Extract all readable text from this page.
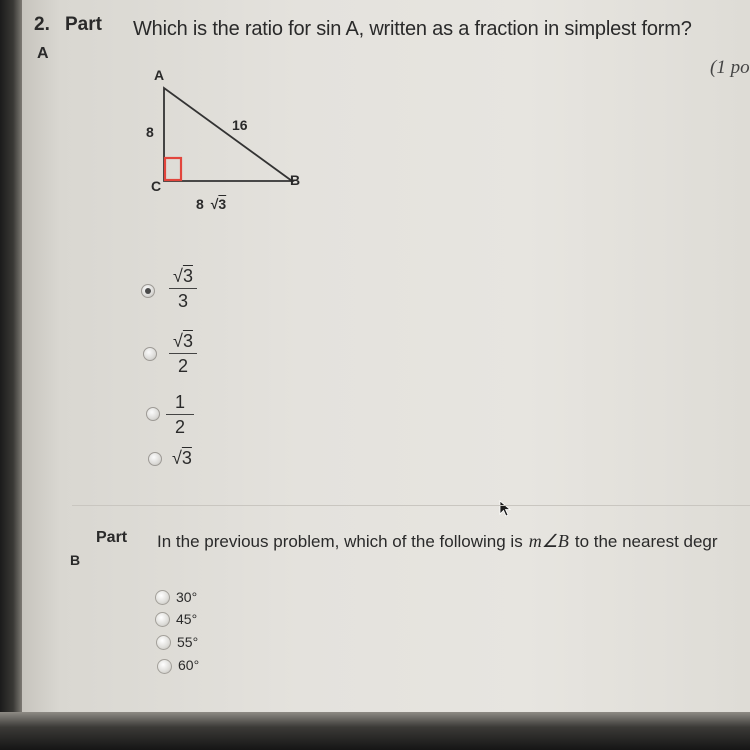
2. Part
A
Which is the ratio for sin A, written as a fraction in simplest form?
(1 po
A
B
C
8	16
8 √3
√3
3
√3
2
1
2
√3
Part
B
In the previous problem, which of the following is m∠B to the nearest degr
30°
45°
55°
60°
